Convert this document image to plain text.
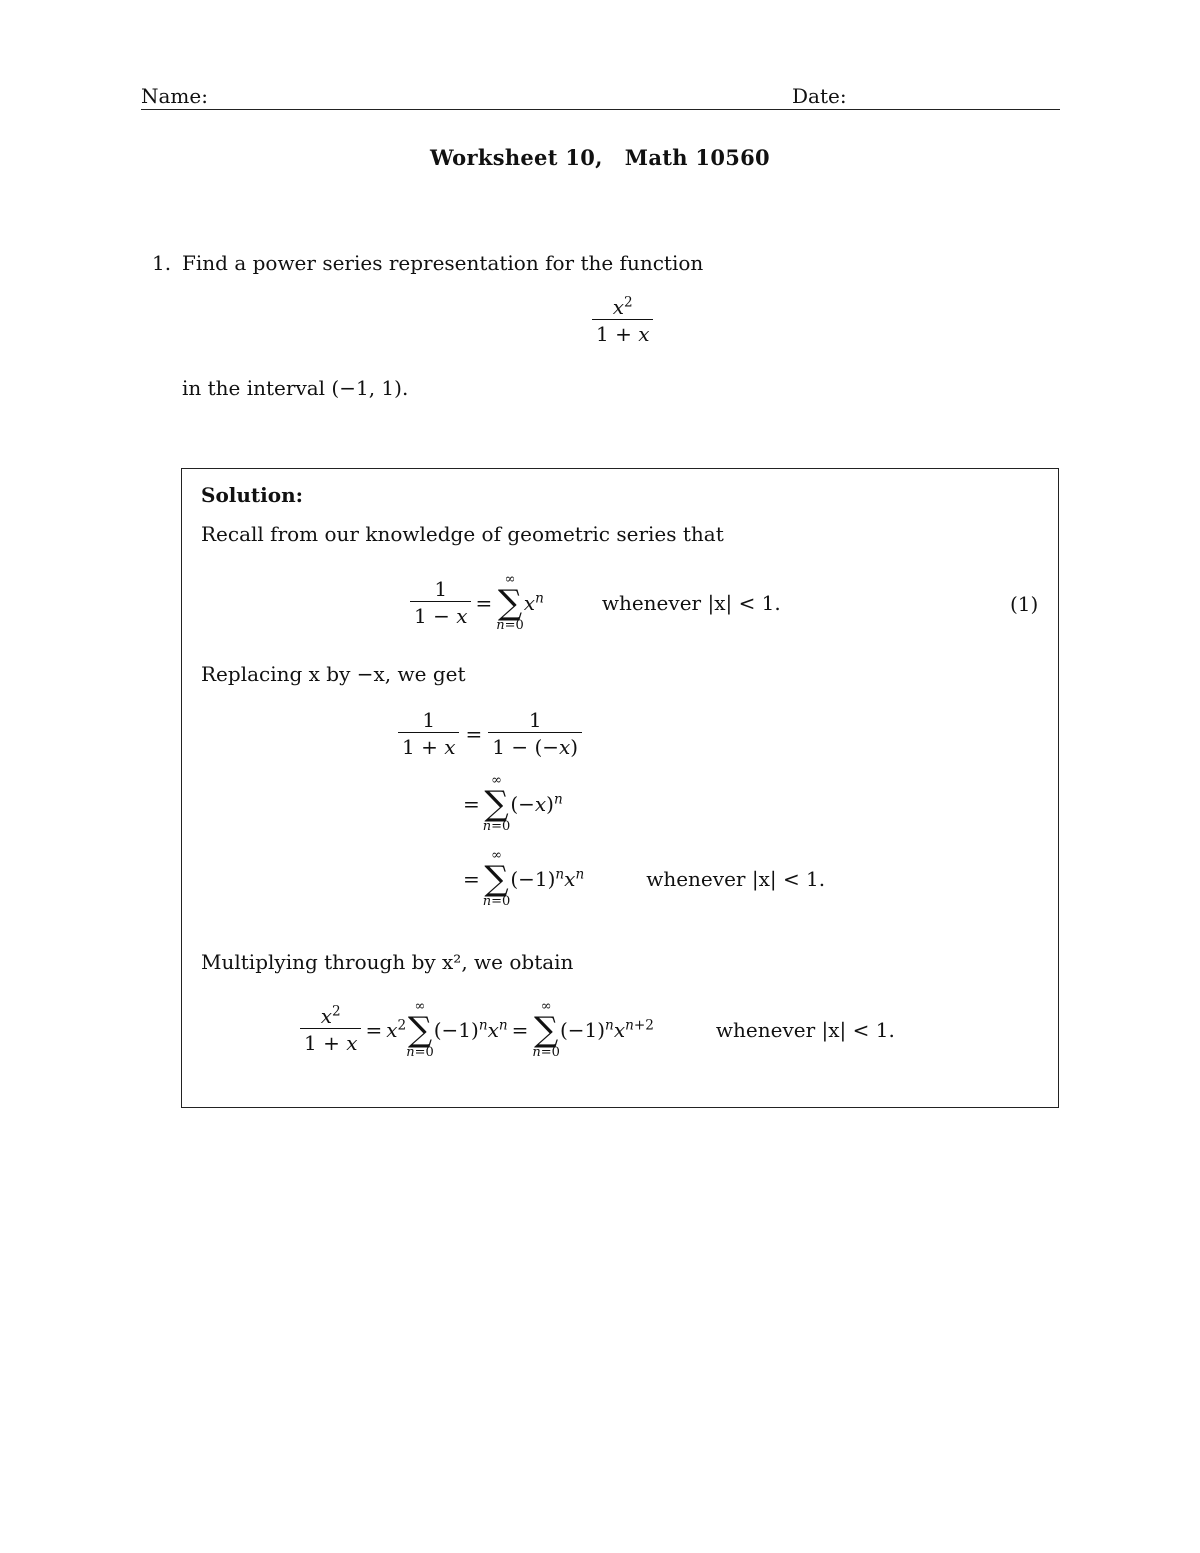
Name:	Date:
Worksheet 10, Math 10560
1. Find a power series representation for the function
$\frac{x^2}{1 + x}$
in the interval (−1, 1).
Solution:
Recall from our knowledge of geometric series that
$\frac{1}{1 - x}$ =
∞
∑
n=0
$x^n$	whenever |x| < 1.	(1)
Replacing x by −x, we get
$\frac{1}{1 + x} = \frac{1}{1 - (-x)}$
=
∞
∑
n=0
$(-x)^n$
=
∞
∑
n=0
$(-1)^nx^n$	whenever |x| < 1.
Multiplying through by x², we obtain
$\frac{x^2}{1 + x} = x^2$
∞
∑
n=0
$(-1)^nx^n$ =
∞
∑
n=0
$(-1)^nx^{n+2}$	whenever |x| < 1.
